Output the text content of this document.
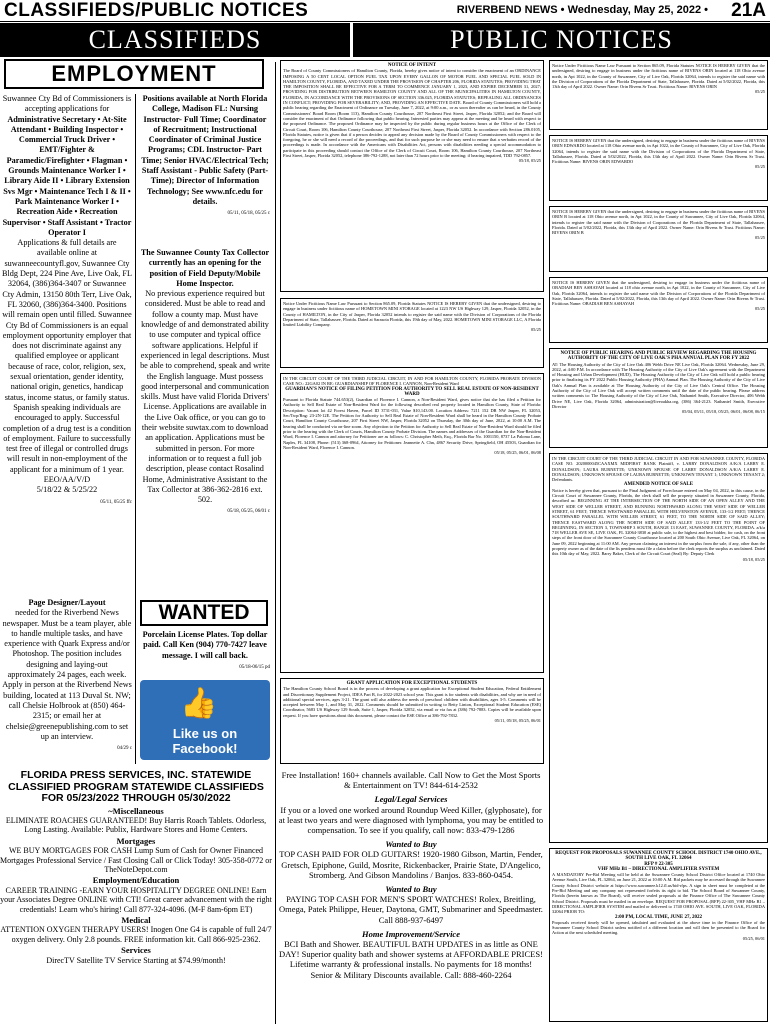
CLASSIFIEDS/PUBLIC NOTICES	RIVERBEND NEWS • Wednesday, May 25, 2022 • 21A
CLASSIFIEDS	PUBLIC NOTICES
EMPLOYMENT
Suwannee Cty Bd of Commissioners is accepting applications for
Administrative Secretary • At-Site Attendant • Building Inspector • Commercial Truck Driver • EMT/Fighter & Paramedic/Firefighter • Flagman • Grounds Maintenance Worker I • Library Aide II • Library Extension Svs Mgr • Maintenance Tech I & II • Park Maintenance Worker I • Recreation Aide • Recreation Supervisor • Staff Assistant • Tractor Operator I
Applications & full details are available online at suwanneecountyfl.gov, Suwannee Cty Bldg Dept, 224 Pine Ave, Live Oak, FL 32064, (386)364-3407 or Suwannee Cty Admin, 13150 80th Terr, Live Oak, FL 32060, (386)364-3400. Positions will remain open until filled. Suwannee Cty Bd of Commissioners is an equal employment opportunity employer that does not discriminate against any qualified employee or applicant because of race, color, religion, sex, sexual orientation, gender identity, national origin, genetics, handicap status, income status, or family status. Spanish speaking individuals are encouraged to apply. Successful completion of a drug test is a condition of employment. Failure to successfully test free of illegal or controlled drugs will result in non-employment of the applicant for a minimum of 1 year.
EEO/AA/V/D
5/18/22 & 5/25/22
05/11, 05/25 ffc
Positions available at North Florida College, Madison FL: Nursing Instructor- Full Time; Coordinator of Recruitment; Instructional Coordinator of Criminal Justice Programs; CDL Instructor- Part Time; Senior HVAC/Electrical Tech; Staff Assistant - Public Safety (Part-Time); Director of Information Technology; See www.nfc.edu for details.
05/11, 05/18, 05/25 c
The Suwannee County Tax Collector currently has an opening for the position of Field Deputy/Mobile Home Inspector.
No previous experience required but considered. Must be able to read and follow a county map. Must have knowledge of and demonstrated ability to use computer and typical office software applications. Helpful if experienced in legal descriptions. Must be able to comprehend, speak and write the English language. Must possess good interpersonal and communication skills. Must have valid Florida Drivers' License. Applications are available in the Live Oak office, or you can go to their website suwtax.com to download an application. Applications must be submitted in person. For more information or to request a full job description, please contact Rosalind Home, Administrative Assistant to the Tax Collector at 386-362-2816 ext. 502.
05/18, 05/25, 06/01 c
Page Designer/Layout
needed for the Riverbend News newspaper. Must be a team player, able to handle multiple tasks, and have experience with Quark Express and/or Photoshop. The position includes designing and laying-out approximately 24 pages, each week. Apply in person at the Riverbend News building, located at 113 Duval St. NW; call Chelsie Holbrook at (850) 464-2315; or email her at chelsie@greenepublishing.com to set up an interview.
04/29 c
WANTED
Porcelain License Plates. Top dollar paid. Call Ken (904) 770-7427 leave message. I will call back.
05/18-06/15 pd
👍
Like us on
Facebook!
FLORIDA PRESS SERVICES, INC. STATEWIDE CLASSIFIED PROGRAM STATEWIDE CLASSIFIEDS FOR 05/23/2022 THROUGH 05/30/2022
~Miscellaneous
ELIMINATE ROACHES GUARANTEED! Buy Harris Roach Tablets. Odorless, Long Lasting. Available: Publix, Hardware Stores and Home Centers.
Mortgages
WE BUY MORTGAGES FOR CASH Lump Sum of Cash for Owner Financed Mortgages Professional Service / Fast Closing Call or Click Today! 305-358-0772 or TheNoteDepot.com
Employment/Education
CAREER TRAINING -EARN YOUR HOSPITALITY DEGREE ONLINE! Earn your Associates Degree ONLINE with CTI! Great career advancement with the right credentials! Learn who's hiring! Call 877-324-4096. (M-F 8am-6pm ET)
Medical
ATTENTION OXYGEN THERAPY USERS! Inogen One G4 is capable of full 24/7 oxygen delivery. Only 2.8 pounds. FREE information kit. Call 866-925-2362.
Services
DirecTV Satellite TV Service Starting at $74.99/month!
Free Installation! 160+ channels available. Call Now to Get the Most Sports & Entertainment on TV! 844-614-2532
Legal/Legal Services
If you or a loved one worked around Roundup Weed Killer, (glyphosate), for at least two years and were diagnosed with lymphoma, you may be entitled to compensation. To see if you qualify, call now: 833-479-1286
Wanted to Buy
TOP CASH PAID FOR OLD GUITARS! 1920-1980 Gibson, Martin, Fender, Gretsch, Epiphone, Guild, Mosrite, Rickenbacker, Prairie State, D'Angelico, Stromberg. And Gibson Mandolins / Banjos. 833-860-0454.
Wanted to Buy
PAYING TOP CASH FOR MEN'S SPORT WATCHES! Rolex, Breitling, Omega, Patek Philippe, Heuer, Daytona, GMT, Submariner and Speedmaster. Call 888-937-6497
Home Improvement/Service
BCI Bath and Shower. BEAUTIFUL BATH UPDATES in as little as ONE DAY! Superior quality bath and shower systems at AFFORDABLE PRICES! Lifetime warranty & professional installs. No payments for 18 months! Senior & Military Discounts available. Call: 888-460-2264
NOTICE OF INTENT
The Board of County Commissioners of Hamilton County, Florida, hereby gives notice of intent to consider the enactment of an ORDINANCE IMPOSING A 50 CENT LOCAL OPTION FUEL TAX UPON EVERY GALLON OF MOTOR FUEL AND SPECIAL FUEL SOLD IN HAMILTON COUNTY, FLORIDA, AND TAXED UNDER THE PROVISION OF CHAPTER 206, FLORIDA STATUTES; PROVIDING THAT THE IMPOSITION SHALL BE EFFECTIVE FOR A TERM TO COMMENCE JANUARY 1, 2023, AND EXPIRE DECEMBER 31, 2027; PROVIDING FOR DISTRIBUTION BETWEEN HAMILTON COUNTY AND ALL OF THE MUNICIPALITIES IN HAMILTON COUNTY, FLORIDA, IN ACCORDANCE WITH THE PROVISIONS OF SECTION 336.025, FLORIDA STATUTES; REPEALING ALL ORDINANCES IN CONFLICT; PROVIDING FOR SEVERABILITY; AND, PROVIDING AN EFFECTIVE DATE. Board of County Commissioners will hold a public hearing regarding the Enactment of Ordinance on Tuesday, June 7, 2022, at 9:00 a.m., or as soon thereafter as can be heard, in the County Commissioners' Board Room (Room 113), Hamilton County Courthouse, 207 Northeast First Street, Jasper, Florida 32052; and the Board will consider the enactment of that Ordinance following that public hearing. Interested parties may appear at the meeting and be heard with respect to the proposed Ordinance. The proposed Ordinance may be inspected by the public during regular business hours at the Office of the Clerk of Circuit Court, Room 106, Hamilton County Courthouse, 207 Northeast First Street, Jasper, Florida 32052. In accordance with Section 286.0105, Florida Statutes, notice is given that if a person decides to appeal any decision made by the Board of County Commissioners with respect to the foregoing, he or she will need a record of the proceedings, and that for such purpose he or she may need to ensure that a verbatim record of the proceedings is made. In accordance with the Americans with Disabilities Act, persons with disabilities needing a special accommodation to participate in this proceeding should contact the Office of the Clerk of Circuit Court, Room 106, Hamilton County Courthouse, 207 Northeast First Street, Jasper, Florida 32052, telephone 386-792-1288, not later than 72 hours prior to the meeting; if hearing impaired, TDD 792-0857.
05/18, 05/25
Notice Under Fictitious Name Law Pursuant to Section 865.09, Florida Statutes NOTICE IS HEREBY GIVEN that the undersigned, desiring to engage in business under fictitious name of HOMETOWN MINI STORAGE located at 1223 NW US Highway 129, Jasper, Florida 32052, in the County of HAMILTON, in the City of Jasper, Florida 32052 intends to register the said name with the Division of Corporations of the Florida Department of State, Tallahassee, Florida. Dated at Sarasota Florida, this 19th day of May, 2022. HOMETOWN MINI STORAGE LLC, A Florida limited Liability Company.
05/25
IN THE CIRCUIT COURT OF THE THIRD JUDICIAL CIRCUIT, IN AND FOR HAMILTON COUNTY, FLORIDA PROBATE DIVISION CASE NO.: 22GA02 IN RE: GUARDIANSHIP OF FLORENCE I. CANNON, Non-Resident Ward
GUARDIAN'S NOTICE OF FILING PETITION FOR AUTHORITY TO SELL REAL ESTATE OF NON-RESIDENT WARD
Pursuant to Florida Statute 744.653(2), Guardian of Florence I. Cannon, a Non-Resident Ward, gives notice that she has filed a Petition for Authority to Sell Real Estate of Non-Resident Ward for the following described real property located in Hamilton County, State of Florida: Description: Vacant lot 42 Forest Haven, Parcel ID 3731-031, Value $10,143.00. Location Address: 7211 152 DR NW Jasper, FL 32053, Sec/Twp/Rng: 23-2N-12E. The Petition for Authority to Sell Real Estate of Non-Resident Ward shall be heard in the Hamilton County Probate Court, Hamilton County Courthouse, 207 First Street NW, Jasper, Florida 32052 on Thursday, the 30th day of June, 2022, at 10:00 A.M. The hearing shall be conducted via on-line zoom. Any objection to the Petition for Authority to Sell Real Estate of Non-Resident Ward should be filed prior to the hearing with the Clerk of Courts, Hamilton County Probate Division. The names and addresses of the Guardian for the Non-Resident Ward, Florence I. Cannon and attorney for Petitioner are as follows: C. Christopher Meth, Esq., Florida Bar No. 1001150, 8737 La Paloma Lane, Naples, FL 34108, Phone: (513) 368-0964, Attorney for Petitioner. Jeannette A. Chn, 4867 Security Drive, Springfield, OH 45503, Guardian for Non-Resident Ward, Florence I. Cannon.
05/18, 05/25, 06/01, 06/08
GRANT APPLICATION FOR EXCEPTIONAL STUDENTS
The Hamilton County School Board is in the process of developing a grant application for Exceptional Student Education, Federal Entitlement and Discretionary Supplement Project, IDEA Part B, for 2022-2023 school year. This grant is for students with disabilities, and why are in need of additional special services, ages 3-21. The grant will also address the needs of preschool children with disabilities, ages 3-5. Comments will be accepted between May 1, and May 31, 2022. Comments should be submitted in writing to Betty Linton, Exceptional Student Education (ESE) Coordinator, 5683 US Highway 129 South, Suite 1, Jasper, Florida 32052, via email or via fax at (386) 792-7883. Copies will be available upon request. If you have questions about this document, please contact the ESE Office at 386-792-7832.
05/11, 05/18, 05/25, 06/01
Notice Under Fictitious Name Law Pursuant to Section 865.09, Florida Statutes NOTICE IS HEREBY GIVEN that the undersigned, desiring to engage in business under the fictitious name of BIVENS ORIN located at 118 Ohio avenue north, in Apt 1022, in the County of Suwannee, City of Live Oak, Florida 32064, intends to register the said name with the Division of Corporations of the Florida Department of State, Tallahassee, Florida. Dated at 5/02/2022, Florida, this 13th day of April 2022. Owner Name: Orin Bivens Sr Trust. Fictitious Name: BIVENS ORIN
05/25
NOTICE IS HEREBY GIVEN that the undersigned, desiring to engage in business under the fictitious name of BIVENS ORIN EDWARDO located at 118 Ohio avenue north, in Apt 1022, in the County of Suwannee, City of Live Oak, Florida 32064, intends to register the said name with the Division of Corporations of the Florida Department of State, Tallahassee, Florida. Dated at 5/02/2022, Florida, this 13th day of April 2022. Owner Name: Orin Bivens Sr Trust. Fictitious Name: BIVENS ORIN EDWARDO
05/25
NOTICE IS HEREBY GIVEN that the undersigned, desiring to engage in business under the fictitious name of BIVENS ORIN B located at 118 Ohio avenue north, in Apt 1022, in the County of Suwannee, City of Live Oak, Florida 32064, intends to register the said name with the Division of Corporations of the Florida Department of State, Tallahassee, Florida. Dated at 5/02/2022, Florida, this 13th day of April 2022. Owner Name: Orin Bivens Sr Trust. Fictitious Name: BIVENS ORIN B
05/25
NOTICE IS HEREBY GIVEN that the undersigned, desiring to engage in business under the fictitious name of OBADIAH BEN ASHAYAH located at 118 ohio avenue north, in Apt 1022, in the County of Suwannee, City of Live Oak, Florida 32064, intends to register the said name with the Division of Corporations of the Florida Department of State, Tallahassee, Florida. Dated at 5/02/2022, Florida, this 13th day of April 2022. Owner Name: Orin Bivens Sr Trust. Fictitious Name: OBADIAH BEN ASHAYAH
05/25
NOTICE OF PUBLIC HEARING AND PUBLIC REVIEW REGARDING THE HOUSING AUTHORITY OF THE CITY OF LIVE OAK'S PHA ANNUAL PLAN FOR FY 2022
AT: The Housing Authority of the City of Live Oak 406 Webb Drive NE Live Oak, Florida 32064. Wednesday, June 29, 2022, at 4:00 P.M. In accordance with The Housing Authority of the City of Live Oak's agreement with the Department of Housing and Urban Development (HUD), The Housing Authority of the City of Live Oak will hold a public hearing prior to finalizing its FY 2022 Public Housing Authority (PHA) Annual Plan. The Housing Authority of the City of Live Oak's Annual Plan is available at The Housing Authority of the City of Live Oak's Central Office. The Housing Authority of the City of Live Oak will accept written comments until the date of the public hearing. Please address written comments to: The Housing Authority of the City of Live Oak, Nathaniel Smith, Executive Director, 406 Webb Drive NE, Live Oak, Florida 32064, administration@liveoakha.org, (386) 364-2123. Nathaniel Smith, Executive Director
05/04, 05/11, 05/18, 05/25, 06/01, 06/08, 06/15
IN THE CIRCUIT COURT OF THE THIRD JUDICIAL CIRCUIT IN AND FOR SUWANNEE COUNTY, FLORIDA CASE NO. 2020000045CAAXMX MIDFIRST BANK Plaintiff, v. LARRY DONALDSON A/K/A LARRY E. DONALDSON; LAURA BURNETTE; UNKNOWN SPOUSE OF LARRY DONALDSON A/K/A LARRY E. DONALDSON; UNKNOWN SPOUSE OF LAURA BURNETTE; UNKNOWN TENANT 1; UNKNOWN TENANT 2; Defendants.
AMENDED NOTICE OF SALE
Notice is hereby given that, pursuant to the Final Judgment of Foreclosure entered on May 04, 2022, in this cause, in the Circuit Court of Suwannee County, Florida, the clerk shall sell the property situated in Suwannee County, Florida, described as: BEGINNING AT THE INTERSECTION OF THE NORTH SIDE OF AN OPEN ALLEY AND THE WEST SIDE OF WELLER STREET, AND RUNNING NORTHWARD ALONG THE WEST SIDE OF WELLER STREET, 61 FEET; THENCE WESTWARD PARALLEL WITH HELVENSTON AVENUE, 133-1/2 FEET; THENCE SOUTHWARD PARALLEL WITH WELLER STREET, 61 FEET, TO THE NORTH SIDE OF SAID ALLEY; THENCE EASTWARD ALONG THE NORTH SIDE OF SAID ALLEY 133-1/2 FEET TO THE POINT OF BEGINNING, IN SECTION 3, TOWNSHIP 3 SOUTH, RANGE 13 EAST, SUWANNEE COUNTY, FLORIDA. a/k/a 718 WELLER AVE SE, LIVE OAK, FL 32064-3830 at public sale, to the highest and best bidder, for cash, on the front steps of the front door of the Suwannee County Courthouse located at 200 South Ohio Avenue, Live Oak, FL 32064, on June 09, 2022 beginning at 11:00 AM. Any person claiming an interest in the surplus from the sale, if any, other than the property owner as of the date of the lis pendens must file a claim before the clerk reports the surplus as unclaimed. Dated this 10th day of May, 2022. Barry Baker, Clerk of the Circuit Court (Seal) By: Deputy Clerk
05/18, 05/25
REQUEST FOR PROPOSALS SUWANNEE COUNTY SCHOOL DISTRICT 1740 OHIO AVE., SOUTH LIVE OAK, FL 32064
RFP # 22-305
VHF MHz B1 – DIRECTIONAL AMPLIFIER SYSTEM
A MANDATORY Pre-Bid Meeting will be held at the Suwannee County School District Office located at 1740 Ohio Avenue South, Live Oak, FL 32064, on June 21, 2022 at 10:00 A.M. Bid packets may be accessed through the Suwannee County School District website at https://www.suwannee.k12.fl.us/bid-rfps. A sign in sheet must be completed at the Pre-Bid Meeting and any company not represented forfeits its right to bid. The School Board of Suwannee County, Florida (herein known as The Board), will receive sealed proposals at the Finance Office of The Suwannee County School District. Proposals must be mailed in an envelope. REQUEST FOR PROPOSAL (RFP) 22-305_VHF MHz B1 – DIRECTIONAL AMPLIFIER SYSTEM and mailed or delivered to 1740 OHIO AVE. SOUTH, LIVE OAK, FLORIDA 32064 PRIOR TO:
2:00 PM, LOCAL TIME, JUNE 27, 2022
Proposals received timely will be opened, tabulated and evaluated at the above time in the Finance Office of the Suwannee County School District unless notified of a different location and will then be presented to the Board for Action at the next scheduled meeting.
05/25, 06/01
